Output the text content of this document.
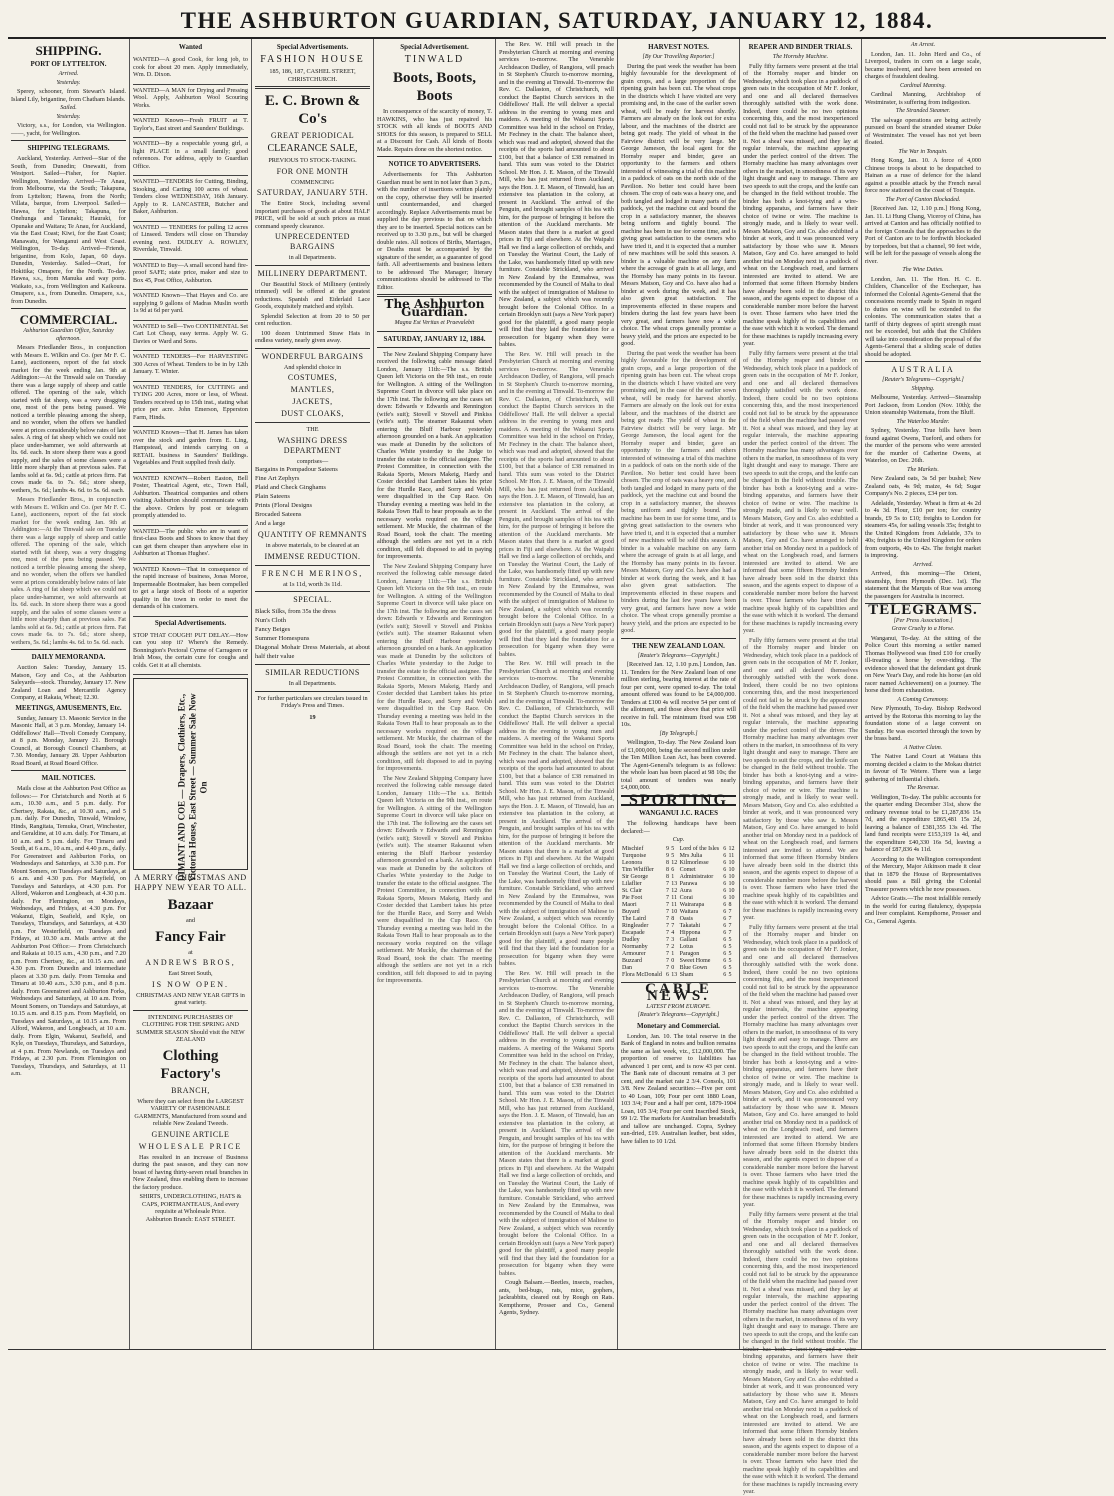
THE ASHBURTON GUARDIAN, SATURDAY, JANUARY 12, 1884.
SHIPPING.
PORT OF LYTTELTON.
Arrived.
Yesterday.

Sperey, schooner, from Stewart's Island. Island Lily, brigantine, from Chatham Islands.

Sailed.
Yesterday.

Victory, s.s., for London, via Wellington. ——, yacht, for Wellington.

SHIPPING TELEGRAMS.

Auckland, Yesterday. Arrived—Star of the South, from Dunedin; Onewaiti, from Westport. Sailed—Fisher, for Napier. Wellington, Yesterday. Arrived—Te Anau, from Melbourne, via the South; Takapuna, from Lyttelton; Hawea, from the North; Villata, barque, from Liverpool. Sailed—Hawea, for Lyttelton; Takapuna, for Onehunga and Taranaki; Hauraki, for Opunake and Waitara; Te Anau, for Auckland, via the East Coast; Kiwi, for the East Coast; Manawatu, for Wanganui and West Coast. Wellington, To-day. Arrived—Friends, brigantine, from Kolo, Japan, 60 days. Dunedin, Yesterday. Sailed—Orari, for Hokitika; Omapere, for the North. To-day. Hawea, s.s., from Manuka and way ports. Waikato, s.s., from Wellington and Kaikoura. Omapere, s.s., from Dunedin. Omapere, s.s., from Dunedin.

COMMERCIAL.
Ashburton Guardian Office, Saturday afternoon.

Messrs Friedlander Bros., in conjunction with Messrs E. Wilkin and Co. (per Mr F. C. Lane), auctioneers, report of the fat stock market for the week ending Jan. 9th at Addington:—At the Tinwald sale on Tuesday there was a large supply of sheep and cattle offered. The opening of the sale, which started with fat sheep, was a very dragging one, most of the pens being passed. We noticed a terrible pleasing among the sheep, and no wonder, when the offers we handled were at prices considerably below rates of late sales. A ring of fat sheep which we could not place under-hammer, we sold afterwards at lts. 6d. each. In store sheep there was a good supply, and the sales of some classes were a little more sharply than at previous sales. Fat lambs sold at 6s. 9d.; cattle at prices firm. Fat cows made 6s. to 7s. 6d.; store sheep, wethers, 5s. 6d.; lambs 4s. 6d. to 5s. 6d. each.

Messrs Friedlander Bros., in conjunction with Messrs E. Wilkin and Co. (per Mr F. C. Lane), auctioneers, report of the fat stock market for the week ending Jan. 9th at Addington:—At the Tinwald sale on Tuesday there was a large supply of sheep and cattle offered. The opening of the sale, which started with fat sheep, was a very dragging one, most of the pens being passed. We noticed a terrible pleasing among the sheep, and no wonder, when the offers we handled were at prices considerably below rates of late sales. A ring of fat sheep which we could not place under-hammer, we sold afterwards at lts. 6d. each. In store sheep there was a good supply, and the sales of some classes were a little more sharply than at previous sales. Fat lambs sold at 6s. 9d.; cattle at prices firm. Fat cows made 6s. to 7s. 6d.; store sheep, wethers, 5s. 6d.; lambs 4s. 6d. to 5s. 6d. each.

DAILY MEMORANDA.

Auction Sales: Tuesday, January 15. Matson, Goy and Co., at the Ashburton Saleyards—stock. Thursday, January 17. New Zealand Loan and Mercantile Agency Company, at Rakaia, Wheat; 12.30.

MEETINGS, AMUSEMENTS, Etc.

Sunday, January 13. Masonic Service in the Masonic Hall, at 3 p.m. Monday, January 14. Oddfellows' Hall—Tivoli Comedy Company, at 8 p.m. Monday, January 21. Borough Council, at Borough Council Chambers, at 7.30. Monday, January 28. Upper Ashburton Road Board, at Road Board Office.

MAIL NOTICES.

Mails close at the Ashburton Post Office as follows:— For Christchurch and North at 6 a.m., 10.30 a.m., and 5 p.m. daily. For Chertsey, Rakaia, &c., at 10.30 a.m., and 5 p.m. daily. For Dunedin, Tinwald, Winslow, Hinds, Rangitata, Temuka, Orari, Winchester, and Geraldine, at 10 a.m. daily. For Timaru, at 10 a.m. and 5 p.m. daily. For Timaru and South, at 6 a.m., 10 a.m., and 4.40 p.m., daily. For Greenstreet and Ashburton Forks, on Wednesdays and Saturdays, at 3.30 p.m. For Mount Somers, on Tuesdays and Saturdays, at 6 a.m. and 4.30 p.m. For Mayfield, on Tuesdays and Saturdays, at 4.30 p.m. For Alford, Wakeron and Longbeach, at 4.30 p.m. daily. For Flemington, on Mondays, Wednesdays, and Fridays, at 4.30 p.m. For Wakanui, Elgin, Seafield, and Kyle, on Tuesdays, Thursdays, and Saturdays, at 4.30 p.m. For Westerfield, on Tuesdays and Fridays, at 10.30 a.m. Mails arrive at the Ashburton Post Office:— From Christchurch and Rakaia at 10.15 a.m., 4.30 p.m., and 7.20 p.m. From Chertsey, &c., at 10.15 a.m. and 4.30 p.m. From Dunedin and intermediate places at 3.30 p.m. daily. From Temuka and Timaru at 10.40 a.m., 3.30 p.m., and 8 p.m. daily. From Greenstreet and Ashburton Forks, Wednesdays and Saturdays, at 10 a.m. From Mount Somers, on Tuesdays and Saturdays, at 10.15 a.m. and 8.15 p.m. From Mayfield, on Tuesdays and Saturdays, at 10.15 a.m. From Alford, Wakeron, and Longbeach, at 10 a.m. daily. From Elgin, Wakanui, Seafield, and Kyle, on Tuesdays, Thursdays, and Saturdays, at 4 p.m. From Newlands, on Tuesdays and Fridays, at 2.30 p.m. From Flemington on Tuesdays, Thursdays, and Saturdays, at 11 a.m.

Wanted

WANTED—A good Cook, for long job, to cook for about 20 men. Apply immediately, Wm. D. Dixon.

WANTED—A MAN for Drying and Pressing Wool. Apply, Ashburton Wool Scouring Works.

WANTED Known—Fresh FRUIT at T. Taylor's, East street and Saunders' Buildings.

WANTED—By a respectable young girl, a light PLACE in a small family; good references. For address, apply to Guardian Office.

WANTED—TENDERS for Cutting, Binding, Stooking, and Carting 100 acres of wheat. Tenders close WEDNESDAY, 16th January. Apply to R. LANCASTER, Butcher and Baker, Ashburton.

WANTED — TENDERS for pulling 12 acres of Linseed. Tenders will close on Thursday evening next. DUDLEY A. ROWLEY, Riverdale, Tinwald.

WANTED to Buy—A small second hand fire-proof SAFE; state price, maker and size to Box 45, Post Office, Ashburton.

WANTED Known—That Hayes and Co. are supplying 9 gallons of Madras Muslin worth 1s 9d at 6d per yard.

WANTED to Sell—Two CONTINENTAL Set Cart Lot Cheap, easy terms. Apply W. G. Davies or Ward and Sons.

WANTED TENDERS—For HARVESTING 300 Acres of Wheat. Tenders to be in by 12th January. T. Winter.

WANTED TENDERS, for CUTTING and TYING 200 Acres, more or less, of Wheat. Tenders received up to 15th inst., stating what price per acre. John Emerson, Epperston Farm, Hinds.

WANTED Known—That H. James has taken over the stock and garden from E. Ling, Hampstead, and intends carrying on a RETAIL business in Saunders' Buildings. Vegetables and Fruit supplied fresh daily.

WANTED KNOWN—Robert Easton, Bell Poster, Theatrical Agent, etc., Town Hall, Ashburton. Theatrical companies and others visiting Ashburton should communicate with the above. Orders by post or telegram promptly attended to.

WANTED—The public who are in want of first-class Boots and Shoes to know that they can get them cheaper than anywhere else in Ashburton at Thomas Hughes'.

WANTED Known—That in consequence of the rapid increase of business, Jonas Moroe, Impermeable Bootmaker, has been compelled to get a large stock of Boots of a superior quality in the town in order to meet the demands of his customers.

Special Advertisements.

STOP THAT COUGH! PUT DELAY.—How can you stop it? Where's the Remedy. Bonnington's Pectoral Cyrme of Carrageen or Irish Moss, the certain cure for coughs and colds. Get it at all chemists.

DIMANT AND COE — Drapers, Clothiers, Etc., Victoria House, East Street — Summer Sale Now On
A MERRY CHRISTMAS AND HAPPY NEW YEAR TO ALL.
Bazaar
and
Fancy Fair
at
ANDREWS BROS,
East Street South,
IS NOW OPEN.
CHRISTMAS AND NEW YEAR GIFTS in great variety.
INTENDING PURCHASERS OF CLOTHING FOR THE SPRING AND SUMMER SEASON Should visit the NEW ZEALAND
Clothing Factory's
BRANCH,
Where they can select from the LARGEST VARIETY OF FASHIONABLE GARMENTS, Manufactured from sound and reliable New Zealand Tweeds.
GENUINE ARTICLE
WHOLESALE PRICE

Has resulted in an increase of Business during the past season, and they can now boast of having thirty-seven retail branches in New Zealand, thus enabling them to increase the factory produce.

SHIRTS, UNDERCLOTHING, HATS & CAPS, PORTMANTEAUS, And every requisite at Wholesale Price.
Ashburton Branch: EAST STREET.
Special Advertisements.
FASHION HOUSE
185, 186, 187, CASHEL STREET,
CHRISTCHURCH.
E. C. Brown & Co's
GREAT PERIODICAL
CLEARANCE SALE,
PREVIOUS TO STOCK-TAKING.
FOR ONE MONTH
COMMENCING
SATURDAY, JANUARY 5TH.

The Entire Stock, including several important purchases of goods at about HALF PRICE, will be sold at such prices as must command speedy clearance.

UNPRECEDENTED BARGAINS
in all Departments.
MILLINERY DEPARTMENT.

Our Beautiful Stock of Millinery (entirely trimmed) will be offered at the greatest reductions. Spanish and Eiderlaid Lace Goods, exquisitely matched and stylish.

Splendid Selection at from 20 to 50 per cent reduction.

100 dozen Untrimmed Straw Hats in endless variety, nearly given away.

WONDERFUL BARGAINS
And splendid choice in
COSTUMES,
MANTLES,
JACKETS,
DUST CLOAKS,
THE
WASHING DRESS DEPARTMENT
comprises—
Bargains in Pompadour Sateens
Fine Art Zephyrs
Plaid and Check Ginghams
Plain Sateens
Prints (Floral Designs
Brocaded Sateens
And a large
QUANTITY OF REMNANTS
in above materials, to be cleared at an
IMMENSE REDUCTION.
FRENCH MERINOS,
at 1s 11d, worth 3s 11d.
SPECIAL.
Black Silks, from 35s the dress
Nun's Cloth
Fancy Beiges
Summer Homespuns
Diagonal Mohair Dress Materials, at about half their value
SIMILAR REDUCTIONS
In all Departments.
For further particulars see circulars issued in Friday's Press and Times.
19
Special Advertisement.
TINWALD
Boots, Boots, Boots

In consequence of the scarcity of money, T. HAWKINS, who has just repaired his STOCK with all kinds of BOOTS AND SHOES for this season, is prepared to SELL at a Discount for Cash. All kinds of Boots Made. Repairs done on the shortest notice.

NOTICE TO ADVERTISERS.

Advertisements for This Ashburton Guardian must be sent in not later than 3 p.m., with the number of insertions written plainly on the copy, otherwise they will be inserted until countermanded, and charged accordingly. Replace Advertisements must be supplied the day previous to that on which they are to be inserted. Special notices can be received up to 3.30 p.m., but will be charged double rates. All notices of Births, Marriages, or Deaths must be accompanied by the signature of the sender, as a guarantee of good faith. All advertisements and business letters to be addressed The Manager; literary communications should be addressed to The Editor.

The Ashburton Guardian.
Magna Est Veritas et Praevalebit
SATURDAY, JANUARY 12, 1884.

The New Zealand Shipping Company have received the following cable message dated London, January 11th:—The s.s. British Queen left Victoria on the 9th inst., en route for Wellington. A sitting of the Wellington Supreme Court in divorce will take place on the 17th inst. The following are the cases set down: Edwards v Edwards and Rennington (wife's suit); Stovell v Stovell and Pinkiss (wife's suit). The steamer Rakaunui when entering the Bluff Harbour yesterday afternoon grounded on a bank. An application was made at Dunedin by the solicitors of Charles White yesterday to the Judge to transfer the estate to the official assignee. The Protest Committee, in connection with the Rakaia Sports, Messrs Makeig, Hardy and Coster decided that Lambert takes his prize for the Hurdle Race, and Sorry and Welsh were disqualified in the Cup Race. On Thursday evening a meeting was held in the Rakaia Town Hall to hear proposals as to the necessary works required on the village settlement. Mr Muckle, the chairman of the Road Board, took the chair. The meeting although the settlers are not yet in a rich condition, still felt disposed to aid in paying for improvements.

The New Zealand Shipping Company have received the following cable message dated London, January 11th:—The s.s. British Queen left Victoria on the 9th inst., en route for Wellington. A sitting of the Wellington Supreme Court in divorce will take place on the 17th inst. The following are the cases set down: Edwards v Edwards and Rennington (wife's suit); Stovell v Stovell and Pinkiss (wife's suit). The steamer Rakaunui when entering the Bluff Harbour yesterday afternoon grounded on a bank. An application was made at Dunedin by the solicitors of Charles White yesterday to the Judge to transfer the estate to the official assignee. The Protest Committee, in connection with the Rakaia Sports, Messrs Makeig, Hardy and Coster decided that Lambert takes his prize for the Hurdle Race, and Sorry and Welsh were disqualified in the Cup Race. On Thursday evening a meeting was held in the Rakaia Town Hall to hear proposals as to the necessary works required on the village settlement. Mr Muckle, the chairman of the Road Board, took the chair. The meeting although the settlers are not yet in a rich condition, still felt disposed to aid in paying for improvements.

The New Zealand Shipping Company have received the following cable message dated London, January 11th:—The s.s. British Queen left Victoria on the 9th inst., en route for Wellington. A sitting of the Wellington Supreme Court in divorce will take place on the 17th inst. The following are the cases set down: Edwards v Edwards and Rennington (wife's suit); Stovell v Stovell and Pinkiss (wife's suit). The steamer Rakaunui when entering the Bluff Harbour yesterday afternoon grounded on a bank. An application was made at Dunedin by the solicitors of Charles White yesterday to the Judge to transfer the estate to the official assignee. The Protest Committee, in connection with the Rakaia Sports, Messrs Makeig, Hardy and Coster decided that Lambert takes his prize for the Hurdle Race, and Sorry and Welsh were disqualified in the Cup Race. On Thursday evening a meeting was held in the Rakaia Town Hall to hear proposals as to the necessary works required on the village settlement. Mr Muckle, the chairman of the Road Board, took the chair. The meeting although the settlers are not yet in a rich condition, still felt disposed to aid in paying for improvements.

The Rev. W. Hill will preach in the Presbyterian Church at morning and evening services to-morrow. The Venerable Archdeacon Dudley, of Rangiora, will preach in St Stephen's Church to-morrow morning, and in the evening at Tinwald. To-morrow the Rev. C. Dallaston, of Christchurch, will conduct the Baptist Church services in the Oddfellows' Hall. He will deliver a special address in the evening to young men and maidens. A meeting of the Wakanui Sports Committee was held in the school on Friday, Mr Fechney in the chair. The balance sheet, which was read and adopted, showed that the receipts of the sports had amounted to about £100, but that a balance of £38 remained in hand. This sum was voted to the District School. Mr Hon. J. E. Mason, of the Tinwald Mill, who has just returned from Auckland, says the Hon. J. E. Mason, of Tinwald, has an extensive tea plantation in the colony, at present in Auckland. The arrival of the Penguin, and brought samples of his tea with him, for the purpose of bringing it before the attention of the Auckland merchants. Mr Mason states that there is a market at good prices in Fiji and elsewhere. At the Waipahi Hall we find a large collection of orchids, and on Tuesday the Warinui Court, the Lady of the Lake, was handsomely fitted up with new furniture. Constable Strickland, who arrived in New Zealand by the Emmahwa, was recommended by the Council of Malta to deal with the subject of immigration of Maltese to New Zealand, a subject which was recently brought before the Colonial Office. In a certain Brooklyn suit (says a New York paper) good for the plaintiff, a good many people will find that they laid the foundation for a prosecution for bigamy when they were babies.

The Rev. W. Hill will preach in the Presbyterian Church at morning and evening services to-morrow. The Venerable Archdeacon Dudley, of Rangiora, will preach in St Stephen's Church to-morrow morning, and in the evening at Tinwald. To-morrow the Rev. C. Dallaston, of Christchurch, will conduct the Baptist Church services in the Oddfellows' Hall. He will deliver a special address in the evening to young men and maidens. A meeting of the Wakanui Sports Committee was held in the school on Friday, Mr Fechney in the chair. The balance sheet, which was read and adopted, showed that the receipts of the sports had amounted to about £100, but that a balance of £38 remained in hand. This sum was voted to the District School. Mr Hon. J. E. Mason, of the Tinwald Mill, who has just returned from Auckland, says the Hon. J. E. Mason, of Tinwald, has an extensive tea plantation in the colony, at present in Auckland. The arrival of the Penguin, and brought samples of his tea with him, for the purpose of bringing it before the attention of the Auckland merchants. Mr Mason states that there is a market at good prices in Fiji and elsewhere. At the Waipahi Hall we find a large collection of orchids, and on Tuesday the Warinui Court, the Lady of the Lake, was handsomely fitted up with new furniture. Constable Strickland, who arrived in New Zealand by the Emmahwa, was recommended by the Council of Malta to deal with the subject of immigration of Maltese to New Zealand, a subject which was recently brought before the Colonial Office. In a certain Brooklyn suit (says a New York paper) good for the plaintiff, a good many people will find that they laid the foundation for a prosecution for bigamy when they were babies.

The Rev. W. Hill will preach in the Presbyterian Church at morning and evening services to-morrow. The Venerable Archdeacon Dudley, of Rangiora, will preach in St Stephen's Church to-morrow morning, and in the evening at Tinwald. To-morrow the Rev. C. Dallaston, of Christchurch, will conduct the Baptist Church services in the Oddfellows' Hall. He will deliver a special address in the evening to young men and maidens. A meeting of the Wakanui Sports Committee was held in the school on Friday, Mr Fechney in the chair. The balance sheet, which was read and adopted, showed that the receipts of the sports had amounted to about £100, but that a balance of £38 remained in hand. This sum was voted to the District School. Mr Hon. J. E. Mason, of the Tinwald Mill, who has just returned from Auckland, says the Hon. J. E. Mason, of Tinwald, has an extensive tea plantation in the colony, at present in Auckland. The arrival of the Penguin, and brought samples of his tea with him, for the purpose of bringing it before the attention of the Auckland merchants. Mr Mason states that there is a market at good prices in Fiji and elsewhere. At the Waipahi Hall we find a large collection of orchids, and on Tuesday the Warinui Court, the Lady of the Lake, was handsomely fitted up with new furniture. Constable Strickland, who arrived in New Zealand by the Emmahwa, was recommended by the Council of Malta to deal with the subject of immigration of Maltese to New Zealand, a subject which was recently brought before the Colonial Office. In a certain Brooklyn suit (says a New York paper) good for the plaintiff, a good many people will find that they laid the foundation for a prosecution for bigamy when they were babies.

The Rev. W. Hill will preach in the Presbyterian Church at morning and evening services to-morrow. The Venerable Archdeacon Dudley, of Rangiora, will preach in St Stephen's Church to-morrow morning, and in the evening at Tinwald. To-morrow the Rev. C. Dallaston, of Christchurch, will conduct the Baptist Church services in the Oddfellows' Hall. He will deliver a special address in the evening to young men and maidens. A meeting of the Wakanui Sports Committee was held in the school on Friday, Mr Fechney in the chair. The balance sheet, which was read and adopted, showed that the receipts of the sports had amounted to about £100, but that a balance of £38 remained in hand. This sum was voted to the District School. Mr Hon. J. E. Mason, of the Tinwald Mill, who has just returned from Auckland, says the Hon. J. E. Mason, of Tinwald, has an extensive tea plantation in the colony, at present in Auckland. The arrival of the Penguin, and brought samples of his tea with him, for the purpose of bringing it before the attention of the Auckland merchants. Mr Mason states that there is a market at good prices in Fiji and elsewhere. At the Waipahi Hall we find a large collection of orchids, and on Tuesday the Warinui Court, the Lady of the Lake, was handsomely fitted up with new furniture. Constable Strickland, who arrived in New Zealand by the Emmahwa, was recommended by the Council of Malta to deal with the subject of immigration of Maltese to New Zealand, a subject which was recently brought before the Colonial Office. In a certain Brooklyn suit (says a New York paper) good for the plaintiff, a good many people will find that they laid the foundation for a prosecution for bigamy when they were babies.

Cough Balsam.—Beetles, insects, roaches, ants, bed-bugs, rats, mice, gophers, jackrabbits, cleared out by Rough on Rats. Kempthorne, Prosser and Co., General Agents, Sydney.

HARVEST NOTES.
[By Our Travelling Reporter.]

During the past week the weather has been highly favourable for the development of grain crops, and a large proportion of the ripening grain has been cut. The wheat crops in the districts which I have visited are very promising and, in the case of the earlier sown wheat, will be ready for harvest shortly. Farmers are already on the look out for extra labour, and the machines of the district are being got ready. The yield of wheat in the Fairview district will be very large. Mr George Jameson, the local agent for the Hornsby reaper and binder, gave an opportunity to the farmers and others interested of witnessing a trial of this machine in a paddock of oats on the north side of the Pavilion. No better test could have been chosen. The crop of oats was a heavy one, and both tangled and lodged in many parts of the paddock, yet the machine cut and bound the crop in a satisfactory manner, the sheaves being uniform and tightly bound. The machine has been in use for some time, and is giving great satisfaction to the owners who have tried it, and it is expected that a number of new machines will be sold this season. A binder is a valuable machine on any farm where the acreage of grain is at all large, and the Hornsby has many points in its favour. Messrs Matson, Goy and Co. have also had a binder at work during the week, and it has also given great satisfaction. The improvements effected in these reapers and binders during the last few years have been very great, and farmers have now a wide choice. The wheat crops generally promise a heavy yield, and the prices are expected to be good.

During the past week the weather has been highly favourable for the development of grain crops, and a large proportion of the ripening grain has been cut. The wheat crops in the districts which I have visited are very promising and, in the case of the earlier sown wheat, will be ready for harvest shortly. Farmers are already on the look out for extra labour, and the machines of the district are being got ready. The yield of wheat in the Fairview district will be very large. Mr George Jameson, the local agent for the Hornsby reaper and binder, gave an opportunity to the farmers and others interested of witnessing a trial of this machine in a paddock of oats on the north side of the Pavilion. No better test could have been chosen. The crop of oats was a heavy one, and both tangled and lodged in many parts of the paddock, yet the machine cut and bound the crop in a satisfactory manner, the sheaves being uniform and tightly bound. The machine has been in use for some time, and is giving great satisfaction to the owners who have tried it, and it is expected that a number of new machines will be sold this season. A binder is a valuable machine on any farm where the acreage of grain is at all large, and the Hornsby has many points in its favour. Messrs Matson, Goy and Co. have also had a binder at work during the week, and it has also given great satisfaction. The improvements effected in these reapers and binders during the last few years have been very great, and farmers have now a wide choice. The wheat crops generally promise a heavy yield, and the prices are expected to be good.

THE NEW ZEALAND LOAN.
[Reuter's Telegrams—Copyright.]

[Received Jan. 12, 1.10 p.m.] London, Jan. 11. Tenders for the New Zealand loan of one million sterling, bearing interest at the rate of four per cent, were opened to-day. The total amount offered was found to be £4,000,000. Tenders at £100 4s will receive 54 per cent of the allotment, and those above that price will receive in full. The minimum fixed was £98 10s.

[By Telegraph.]

Wellington, To-day. The New Zealand loan of £1,000,000, being the second million under the Ten Million Loan Act, has been covered. The Agent-General's telegram is as follows: the whole loan has been placed at 98 10s; the total amount of tenders was nearly £4,000,000.

SPORTING
WANGANUI J.C. RACES

The following handicaps have been declared:—

Cup.
Mischief	9	5	Lord of the Isles	6	12
Turquoise	9	5	Mrs Julia	6	11
Leonora	8	12	Kilmorlesse	6	10
Tim Whiffler	8	6	Comet	6	10
Sir George	8	1	Administrator	6	10
Lilaflier	7	13	Parawa	6	10
St. Clair	7	12	Aura	6	10
Pie Foot	7	11	Corai	6	10
Maori	7	11	Wairarapa	6	8
Buyard	7	10	Waitara	6	7
The Laird	7	8	Oasis	6	7
Ringleader	7	7	Takatahi	6	7
Escapade	7	4	Hippona	6	7
Dudley	7	3	Gallant	6	5
Normanby	7	2	Lotus	6	5
Armourer	7	1	Paragon	6	5
Buzzard	7	0	Sweet Home	6	5
Dan	7	0	Blue Gown	6	5
Flora McDonald	6	13	Sham	6	5
CABLE NEWS.
LATEST FROM EUROPE.
[Reuter's Telegrams—Copyright.]
Monetary and Commercial.

London, Jan. 10. The total reserve in the Bank of England in notes and bullion remains the same as last week, viz., £12,000,000. The proportion of reserve to liabilities has advanced 1 per cent, and is now 43 per cent. The Bank rate of discount remains at 3 per cent, and the market rate 2 3/4. Consols, 101 3/8. New Zealand securities:—Five per cent to 40 Loan, 109; Four per cent 1880 Loan, 103 3/4; Four and a half per cent, 1879-1904 Loan, 105 3/4; Four per cent Inscribed Stock, 99 1/2. The markets for Australian breadstuffs and tallow are unchanged. Copra, Sydney sun-dried, £19. Australian leather, best sides, have fallen to 10 1/2d.

REAPER AND BINDER TRIALS.
The Hornsby Machine.

Fully fifty farmers were present at the trial of the Hornsby reaper and binder on Wednesday, which took place in a paddock of green oats in the occupation of Mr F. Jonker, and one and all declared themselves thoroughly satisfied with the work done. Indeed, there could be no two opinions concerning this, and the most inexperienced could not fail to be struck by the appearance of the field when the machine had passed over it. Not a sheaf was missed, and they lay at regular intervals, the machine appearing under the perfect control of the driver. The Hornsby machine has many advantages over others in the market, in smoothness of its very light draught and easy to manage. There are two speeds to suit the crops, and the knife can be changed in the field without trouble. The binder has both a knot-tying and a wire-binding apparatus, and farmers have their choice of twine or wire. The machine is strongly made, and is likely to wear well. Messrs Matson, Goy and Co. also exhibited a binder at work, and it was pronounced very satisfactory by those who saw it. Messrs Matson, Goy and Co. have arranged to hold another trial on Monday next in a paddock of wheat on the Longbeach road, and farmers interested are invited to attend. We are informed that some fifteen Hornsby binders have already been sold in the district this season, and the agents expect to dispose of a considerable number more before the harvest is over. Those farmers who have tried the machine speak highly of its capabilities and the ease with which it is worked. The demand for these machines is rapidly increasing every year.

Fully fifty farmers were present at the trial of the Hornsby reaper and binder on Wednesday, which took place in a paddock of green oats in the occupation of Mr F. Jonker, and one and all declared themselves thoroughly satisfied with the work done. Indeed, there could be no two opinions concerning this, and the most inexperienced could not fail to be struck by the appearance of the field when the machine had passed over it. Not a sheaf was missed, and they lay at regular intervals, the machine appearing under the perfect control of the driver. The Hornsby machine has many advantages over others in the market, in smoothness of its very light draught and easy to manage. There are two speeds to suit the crops, and the knife can be changed in the field without trouble. The binder has both a knot-tying and a wire-binding apparatus, and farmers have their choice of twine or wire. The machine is strongly made, and is likely to wear well. Messrs Matson, Goy and Co. also exhibited a binder at work, and it was pronounced very satisfactory by those who saw it. Messrs Matson, Goy and Co. have arranged to hold another trial on Monday next in a paddock of wheat on the Longbeach road, and farmers interested are invited to attend. We are informed that some fifteen Hornsby binders have already been sold in the district this season, and the agents expect to dispose of a considerable number more before the harvest is over. Those farmers who have tried the machine speak highly of its capabilities and the ease with which it is worked. The demand for these machines is rapidly increasing every year.

Fully fifty farmers were present at the trial of the Hornsby reaper and binder on Wednesday, which took place in a paddock of green oats in the occupation of Mr F. Jonker, and one and all declared themselves thoroughly satisfied with the work done. Indeed, there could be no two opinions concerning this, and the most inexperienced could not fail to be struck by the appearance of the field when the machine had passed over it. Not a sheaf was missed, and they lay at regular intervals, the machine appearing under the perfect control of the driver. The Hornsby machine has many advantages over others in the market, in smoothness of its very light draught and easy to manage. There are two speeds to suit the crops, and the knife can be changed in the field without trouble. The binder has both a knot-tying and a wire-binding apparatus, and farmers have their choice of twine or wire. The machine is strongly made, and is likely to wear well. Messrs Matson, Goy and Co. also exhibited a binder at work, and it was pronounced very satisfactory by those who saw it. Messrs Matson, Goy and Co. have arranged to hold another trial on Monday next in a paddock of wheat on the Longbeach road, and farmers interested are invited to attend. We are informed that some fifteen Hornsby binders have already been sold in the district this season, and the agents expect to dispose of a considerable number more before the harvest is over. Those farmers who have tried the machine speak highly of its capabilities and the ease with which it is worked. The demand for these machines is rapidly increasing every year.

Fully fifty farmers were present at the trial of the Hornsby reaper and binder on Wednesday, which took place in a paddock of green oats in the occupation of Mr F. Jonker, and one and all declared themselves thoroughly satisfied with the work done. Indeed, there could be no two opinions concerning this, and the most inexperienced could not fail to be struck by the appearance of the field when the machine had passed over it. Not a sheaf was missed, and they lay at regular intervals, the machine appearing under the perfect control of the driver. The Hornsby machine has many advantages over others in the market, in smoothness of its very light draught and easy to manage. There are two speeds to suit the crops, and the knife can be changed in the field without trouble. The binder has both a knot-tying and a wire-binding apparatus, and farmers have their choice of twine or wire. The machine is strongly made, and is likely to wear well. Messrs Matson, Goy and Co. also exhibited a binder at work, and it was pronounced very satisfactory by those who saw it. Messrs Matson, Goy and Co. have arranged to hold another trial on Monday next in a paddock of wheat on the Longbeach road, and farmers interested are invited to attend. We are informed that some fifteen Hornsby binders have already been sold in the district this season, and the agents expect to dispose of a considerable number more before the harvest is over. Those farmers who have tried the machine speak highly of its capabilities and the ease with which it is worked. The demand for these machines is rapidly increasing every year.

Fully fifty farmers were present at the trial of the Hornsby reaper and binder on Wednesday, which took place in a paddock of green oats in the occupation of Mr F. Jonker, and one and all declared themselves thoroughly satisfied with the work done. Indeed, there could be no two opinions concerning this, and the most inexperienced could not fail to be struck by the appearance of the field when the machine had passed over it. Not a sheaf was missed, and they lay at regular intervals, the machine appearing under the perfect control of the driver. The Hornsby machine has many advantages over others in the market, in smoothness of its very light draught and easy to manage. There are two speeds to suit the crops, and the knife can be changed in the field without trouble. The binder has both a knot-tying and a wire-binding apparatus, and farmers have their choice of twine or wire. The machine is strongly made, and is likely to wear well. Messrs Matson, Goy and Co. also exhibited a binder at work, and it was pronounced very satisfactory by those who saw it. Messrs Matson, Goy and Co. have arranged to hold another trial on Monday next in a paddock of wheat on the Longbeach road, and farmers interested are invited to attend. We are informed that some fifteen Hornsby binders have already been sold in the district this season, and the agents expect to dispose of a considerable number more before the harvest is over. Those farmers who have tried the machine speak highly of its capabilities and the ease with which it is worked. The demand for these machines is rapidly increasing every year.

An Arrest.

London, Jan. 11. John Herd and Co., of Liverpool, traders in corn on a large scale, became insolvent, and have been arrested on charges of fraudulent dealing.

Cardinal Manning.

Cardinal Manning, Archbishop of Westminster, is suffering from indigestion.

The Stranded Steamer.

The salvage operations are being actively pursued on board the stranded steamer Duke of Westminster. The vessel has not yet been floated.

The War in Tonquin.

Hong Kong, Jan. 10. A force of 4,000 Chinese troops is about to be despatched to Hainan as a ruse of defence for the island against a possible attack by the French naval force now stationed on the coast of Tonquin.

The Port of Canton Blockaded.

[Received Jan. 12, 1.10 p.m.] Hong Kong, Jan. 11. Li Hung Chang, Viceroy of China, has arrived at Canton and has officially notified to the foreign Consuls that the approaches to the Port of Canton are to be forthwith blockaded by torpedoes, but that a channel, 90 feet wide, will be left for the passage of vessels along the river.

The Wine Duties.

London, Jan. 11. The Hon. H. C. E. Childers, Chancellor of the Exchequer, has informed the Colonial Agents-General that the concessions recently made to Spain in regard to duties on wine will be extended to the colonies. The communication states that a tariff of thirty degrees of spirit strength must not be exceeded, but adds that the Childers will take into consideration the proposal of the Agents-General that a sliding scale of duties should be adopted.

AUSTRALIA
[Reuter's Telegrams—Copyright.]
Shipping.

Melbourne, Yesterday. Arrived—Steamship Port Jackson, from London (Nov. 10th); the Union steamship Waitemata, from the Bluff.

The Waterloo Murder.

Sydney, Yesterday. True bills have been found against Owens, Tueford, and others for the murder of the persons who were arrested for the murder of Catherine Owens, at Waterloo, on Dec. 26th.

The Markets.

New Zealand oats, 3s 5d per bushel; New Zealand oats, 4s 9d; maize, 4s 6d; Sugar Company's No. 2 pieces, £34 per ton.

Adelaide, Yesterday. Wheat is firm at 4s 2d to 4s 3d. Flour, £10 per ton; for country brands, £9 5s to £10; freights to London for steamers 45s, for sailing vessels 35s; freight to the United Kingdom from Adelaide, 37s to 40s; freights to the United Kingdom for orders from outports, 40s to 42s. The freight market is improving.

Arrived.

Arrived, this morning—The Orient, steamship, from Plymouth (Dec. 1st). The statement that the Marquis of Rue was among the passengers for Australia is incorrect.

TELEGRAMS.
[Per Press Association.]
Grave Cruelty to a Horse.

Wanganui, To-day. At the sitting of the Police Court this morning a settler named Thomas Hollywood was fined £10 for cruelly ill-treating a horse by over-riding. The evidence showed that the defendant got drunk on New Year's Day, and rode his horse (an old racer named Achievement) on a journey. The horse died from exhaustion.

A Coming Ceremony.

New Plymouth, To-day. Bishop Redwood arrived by the Rotorua this morning to lay the foundation stone of a large convent on Sunday. He was escorted through the town by the brass band.

A Native Claim.

The Native Land Court at Waitara this morning decided a claim to the Mokau district in favour of Te Wetere. There was a large gathering of influential chiefs.

The Revenue.

Wellington, To-day. The public accounts for the quarter ending December 31st, show the ordinary revenue total to be £1,287,836 15s 7d, and the expenditure £865,481 15s 2d, leaving a balance of £381,355 13s 4d. The land fund receipts were £153,319 1s 4d, and the expenditure £40,330 16s 5d, leaving a balance of £87,836 4s 11d.

According to the Wellington correspondent of the Mercury, Major Atkinson made it clear that in 1879 the House of Representatives should pass a Bill giving the Colonial Treasurer powers which he now possesses.

Advice Gratis.—The most infallible remedy in the world for curing flatulency, dyspepsia and liver complaint. Kempthorne, Prosser and Co., General Agents.
